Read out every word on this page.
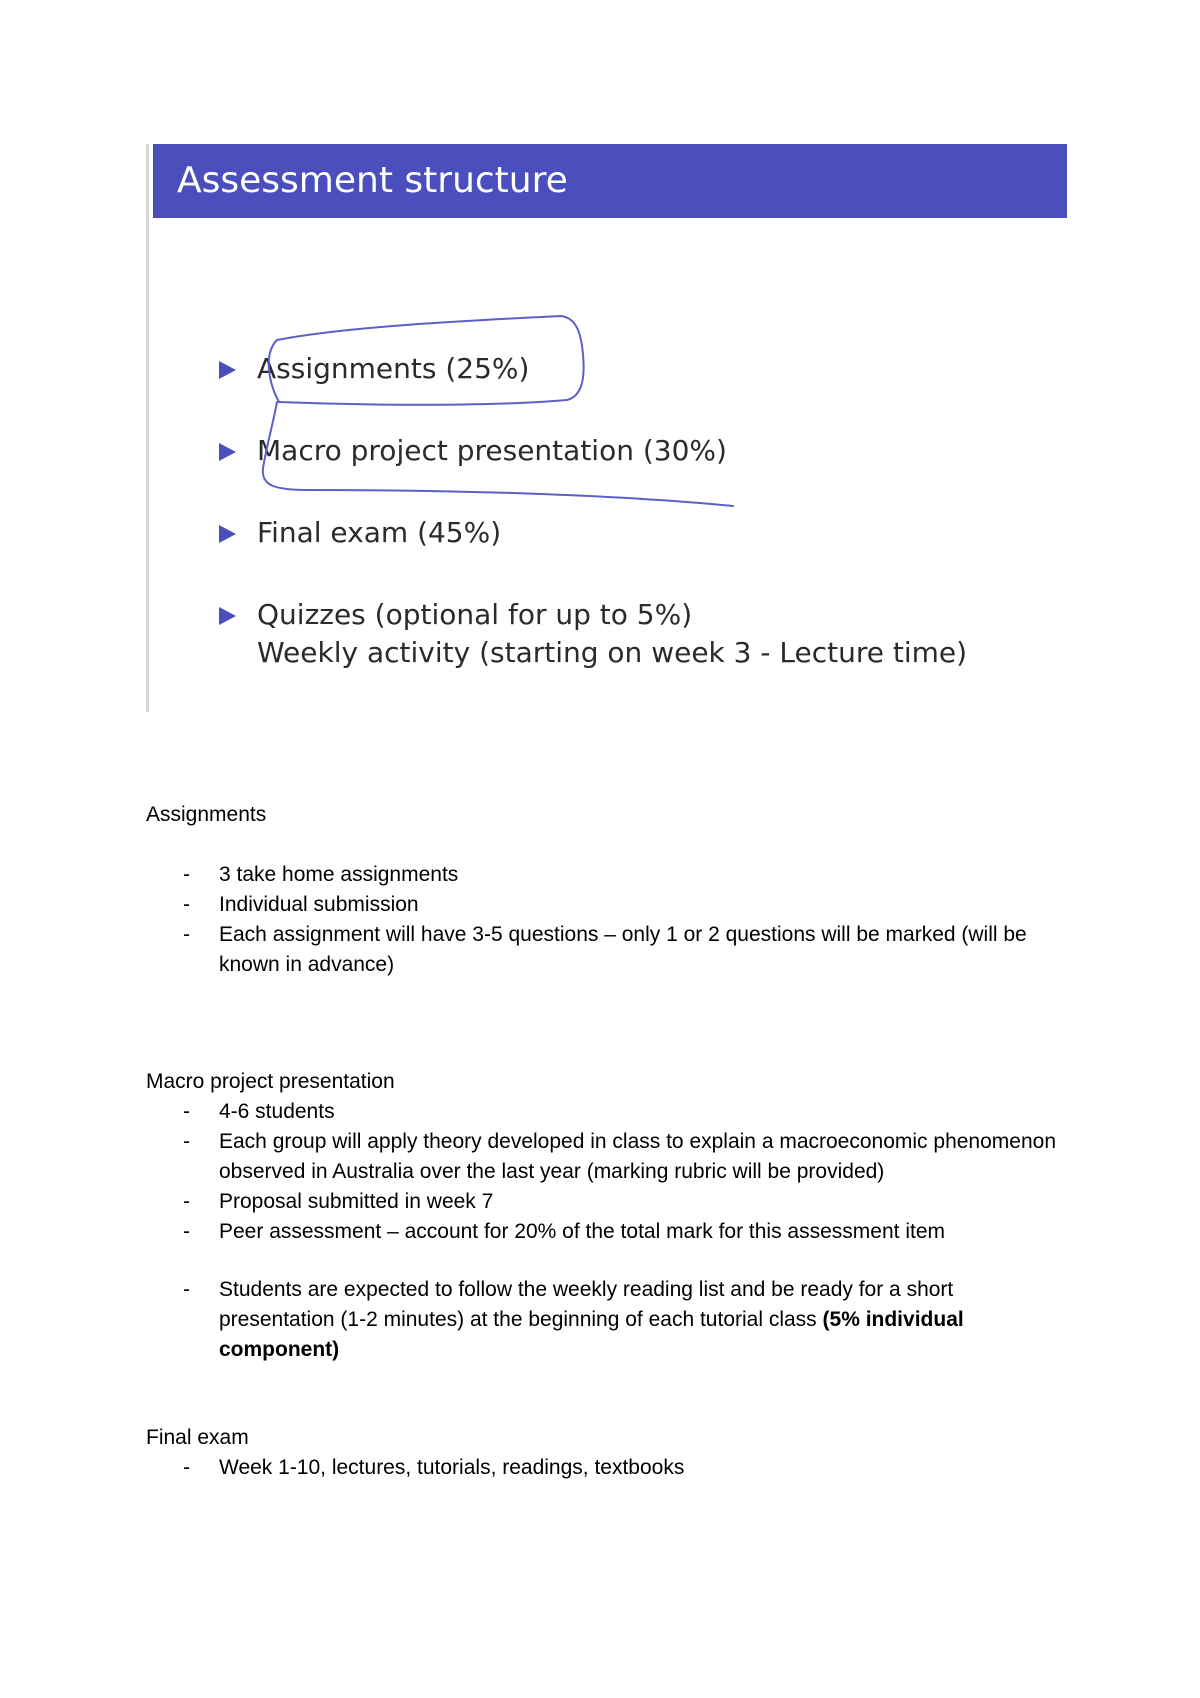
Assessment structure
Assignments (25%)
Macro project presentation (30%)
Final exam (45%)
Quizzes (optional for up to 5%)
Weekly activity (starting on week 3 - Lecture time)

Assignments

- 3 take home assignments
- Individual submission
- Each assignment will have 3-5 questions – only 1 or 2 questions will be marked (will be known in advance)

Macro project presentation

- 4-6 students
- Each group will apply theory developed in class to explain a macroeconomic phenomenon observed in Australia over the last year (marking rubric will be provided)
- Proposal submitted in week 7
- Peer assessment – account for 20% of the total mark for this assessment item
- Students are expected to follow the weekly reading list and be ready for a short presentation (1-2 minutes) at the beginning of each tutorial class (5% individual component)

Final exam

- Week 1-10, lectures, tutorials, readings, textbooks
